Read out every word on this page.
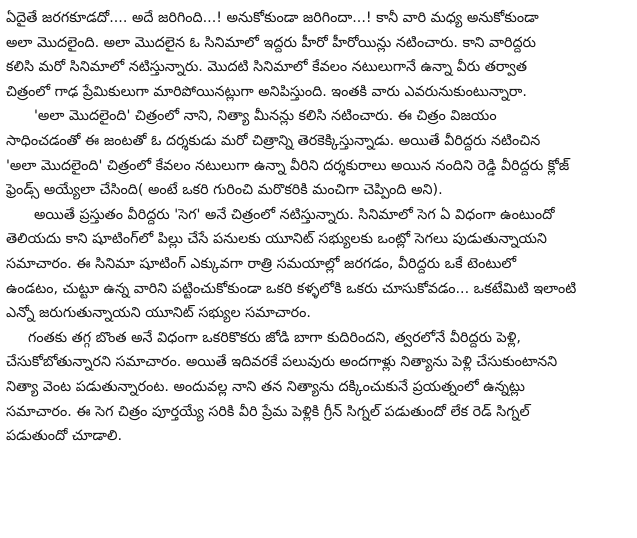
ఏదైతే జరగకూడదో.... అదే జరిగింది...! అనుకోకుండా జరిగిందా...! కానీ వారి మధ్య అనుకోకుండా
అలా మొదలైంది. అలా మొదలైన ఓ సినిమాలో ఇద్దరు హీరో హీరోయిన్లు నటించారు. కాని వారిద్దరు
కలిసి మరో సినిమాలో నటిస్తున్నారు. మొదటి సినిమాలో కేవలం నటులుగానే ఉన్నా వీరు తర్వాత
చిత్రంలో గాఢ ప్రేమికులుగా మారిపోయినట్లుగా అనిపిస్తుంది. ఇంతకి వారు ఎవరునుకుంటున్నారా.

'అలా మొదలైంది' చిత్రంలో నాని, నిత్యా మీనన్లు కలిసి నటించారు. ఈ చిత్రం విజయం
సాధించడంతో ఈ జంటతో ఓ దర్శకుడు మరో చిత్రాన్ని తెరకెక్కిస్తున్నాడు. అయితే వీరిద్దరు నటించిన
'అలా మొదలైంది' చిత్రంలో కేవలం నటులుగా ఉన్నా వీరిని దర్శకురాలు అయిన నందిని రెడ్డి వీరిద్దరు క్లోజ్
ఫ్రెండ్స్ అయ్యేలా చేసింది( అంటే ఒకరి గురించి మరొకరికి మంచిగా చెప్పింది అని).

అయితే ప్రస్తుతం వీరిద్దరు 'సెగ' అనే చిత్రంలో నటిస్తున్నారు. సినిమాలో సెగ ఏ విధంగా ఉంటుందో
తెలియదు కాని షూటింగ్‌లో పిల్లు చేసే పనులకు యూనిట్ సభ్యులకు ఒంట్లో సెగలు పుడుతున్నాయని
సమాచారం. ఈ సినిమా షూటింగ్ ఎక్కువగా రాత్రి సమయాల్లో జరగడం, వీరిద్దరు ఒకే టెంటులో
ఉండటం, చుట్టూ ఉన్న వారిని పట్టించుకోకుండా ఒకరి కళ్ళలోకి ఒకరు చూసుకోవడం... ఒకటేమిటి ఇలాంటి
ఎన్నో జరుగుతున్నాయని యూనిట్ సభ్యుల సమాచారం.

గంతకు తగ్గ బొంత అనే విధంగా ఒకరికొకరు జోడి బాగా కుదిరిందని, త్వరలోనే వీరిద్దరు పెళ్లి,
చేసుకోబోతున్నారని సమాచారం. అయితే ఇదివరకే పలువురు అందగాళ్లు నిత్యాను పెళ్లి చేసుకుంటానని
నిత్యా వెంట పడుతున్నారంట. అందువల్ల నాని తన నిత్యాను దక్కించుకునే ప్రయత్నంలో ఉన్నట్లు
సమాచారం. ఈ సెగ చిత్రం పూర్తయ్యే సరికి వీరి ప్రేమ పెళ్లికి గ్రీన్ సిగ్నల్ పడుతుందో లేక రెడ్ సిగ్నల్
పడుతుందో చూడాలి.
